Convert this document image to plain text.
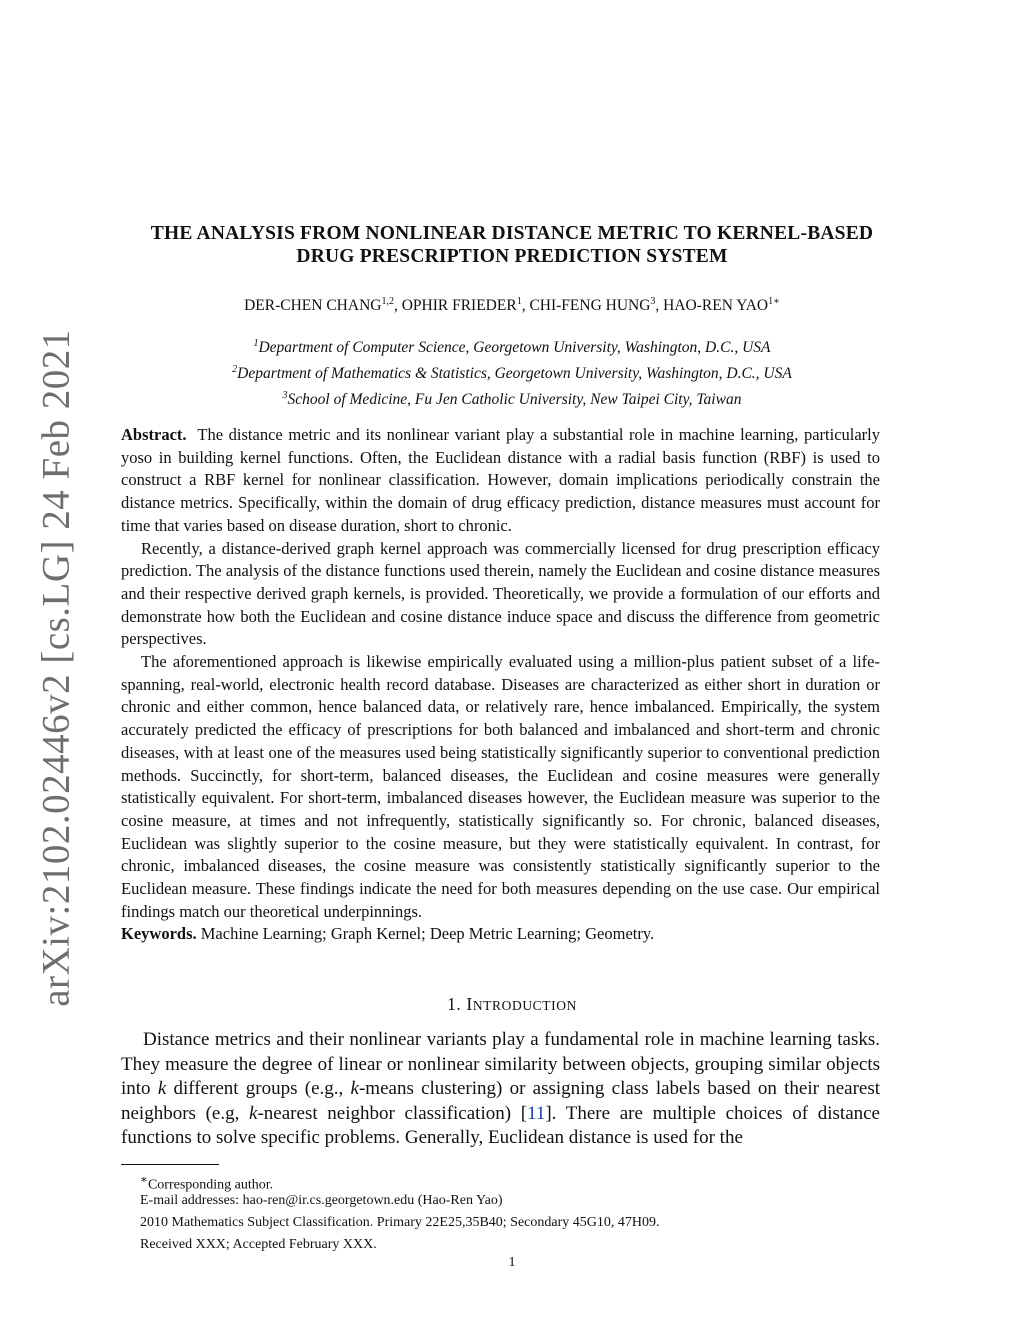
arXiv:2102.02446v2 [cs.LG] 24 Feb 2021
THE ANALYSIS FROM NONLINEAR DISTANCE METRIC TO KERNEL-BASED
DRUG PRESCRIPTION PREDICTION SYSTEM
DER-CHEN CHANG$^{1,2}$, OPHIR FRIEDER$^1$, CHI-FENG HUNG$^3$, HAO-REN $YAO^{1∗}$
$^1$Department of Computer Science, Georgetown University, Washington, D.C., USA
$^2$Department of Mathematics & Statistics, Georgetown University, Washington, D.C., USA
$^3$School of Medicine, Fu Jen Catholic University, New Taipei City, Taiwan

Abstract. The distance metric and its nonlinear variant play a substantial role in machine learning, particularly yoso in building kernel functions. Often, the Euclidean distance with a radial basis function (RBF) is used to construct a RBF kernel for nonlinear classification. However, domain implications periodically constrain the distance metrics. Specifically, within the domain of drug efficacy prediction, distance measures must account for time that varies based on disease duration, short to chronic.

Recently, a distance-derived graph kernel approach was commercially licensed for drug prescription efficacy prediction. The analysis of the distance functions used therein, namely the Euclidean and cosine distance measures and their respective derived graph kernels, is provided. Theoretically, we provide a formulation of our efforts and demonstrate how both the Euclidean and cosine distance induce space and discuss the difference from geometric perspectives.

The aforementioned approach is likewise empirically evaluated using a million-plus patient subset of a life-spanning, real-world, electronic health record database. Diseases are characterized as either short in duration or chronic and either common, hence balanced data, or relatively rare, hence imbalanced. Empirically, the system accurately predicted the efficacy of prescriptions for both balanced and imbalanced and short-term and chronic diseases, with at least one of the measures used being statistically significantly superior to conventional prediction methods. Succinctly, for short-term, balanced diseases, the Euclidean and cosine measures were generally statistically equivalent. For short-term, imbalanced diseases however, the Euclidean measure was superior to the cosine measure, at times and not infrequently, statistically significantly so. For chronic, balanced diseases, Euclidean was slightly superior to the cosine measure, but they were statistically equivalent. In contrast, for chronic, imbalanced diseases, the cosine measure was consistently statistically significantly superior to the Euclidean measure. These findings indicate the need for both measures depending on the use case. Our empirical findings match our theoretical underpinnings.

Keywords. Machine Learning; Graph Kernel; Deep Metric Learning; Geometry.

1. INTRODUCTION

Distance metrics and their nonlinear variants play a fundamental role in machine learning tasks. They measure the degree of linear or nonlinear similarity between objects, grouping similar objects into k different groups (e.g., k-means clustering) or assigning class labels based on their nearest neighbors (e.g, k-nearest neighbor classification) [11]. There are multiple choices of distance functions to solve specific problems. Generally, Euclidean distance is used for the

∗Corresponding author.
E-mail addresses: hao-ren@ir.cs.georgetown.edu (Hao-Ren Yao)
2010 Mathematics Subject Classification. Primary 22E25,35B40; Secondary 45G10, 47H09.
Received XXX; Accepted February XXX.
1
